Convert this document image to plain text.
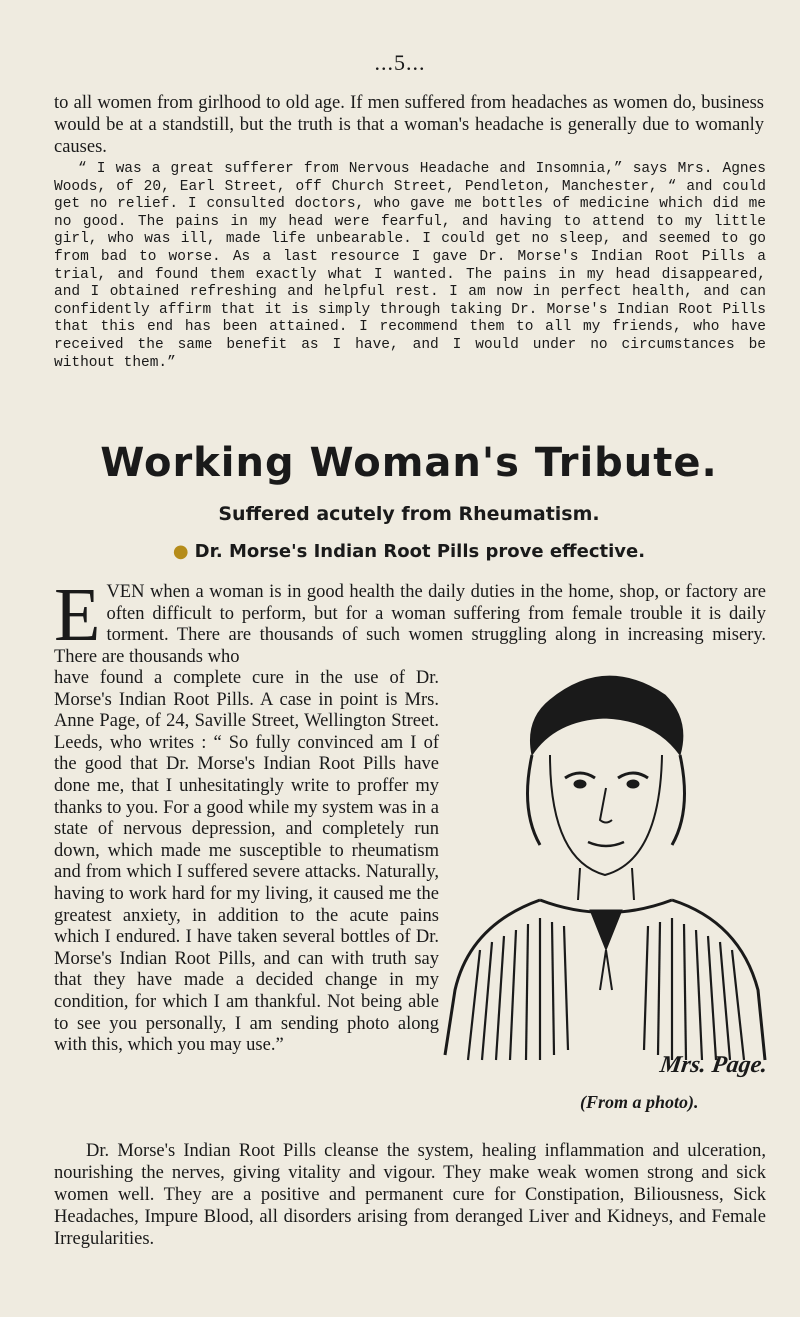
...5...
to all women from girlhood to old age. If men suffered from headaches as women do, business would be at a standstill, but the truth is that a woman's headache is generally due to womanly causes.

“ I was a great sufferer from Nervous Headache and Insomnia,” says Mrs. Agnes Woods, of 20, Earl Street, off Church Street, Pendleton, Manchester, “ and could get no relief. I consulted doctors, who gave me bottles of medicine which did me no good. The pains in my head were fearful, and having to attend to my little girl, who was ill, made life unbearable. I could get no sleep, and seemed to go from bad to worse. As a last resource I gave Dr. Morse's Indian Root Pills a trial, and found them exactly what I wanted. The pains in my head disappeared, and I obtained refreshing and helpful rest. I am now in perfect health, and can confidently affirm that it is simply through taking Dr. Morse's Indian Root Pills that this end has been attained. I recommend them to all my friends, who have received the same benefit as I have, and I would under no circumstances be without them.”

Working Woman's Tribute.
Suffered acutely from Rheumatism.
● Dr. Morse's Indian Root Pills prove effective.
E VEN when a woman is in good health the daily duties in the home, shop, or factory are often difficult to perform, but for a woman suffering from female trouble it is daily torment. There are thousands of such women struggling along in increasing misery. There are thousands who

have found a complete cure in the use of Dr. Morse's Indian Root Pills. A case in point is Mrs. Anne Page, of 24, Saville Street, Wellington Street. Leeds, who writes : “ So fully convinced am I of the good that Dr. Morse's Indian Root Pills have done me, that I unhesitatingly write to proffer my thanks to you. For a good while my system was in a state of nervous depression, and completely run down, which made me susceptible to rheumatism and from which I suffered severe attacks. Naturally, having to work hard for my living, it caused me the greatest anxiety, in addition to the acute pains which I endured. I have taken several bottles of Dr. Morse's Indian Root Pills, and can with truth say that they have made a decided change in my condition, for which I am thankful. Not being able to see you personally, I am sending photo along with this, which you may use.”

Mrs. Page.
(From a photo).

Dr. Morse's Indian Root Pills cleanse the system, healing inflammation and ulceration, nourishing the nerves, giving vitality and vigour. They make weak women strong and sick women well. They are a positive and permanent cure for Constipation, Biliousness, Sick Headaches, Impure Blood, all disorders arising from deranged Liver and Kidneys, and Female Irregularities.
